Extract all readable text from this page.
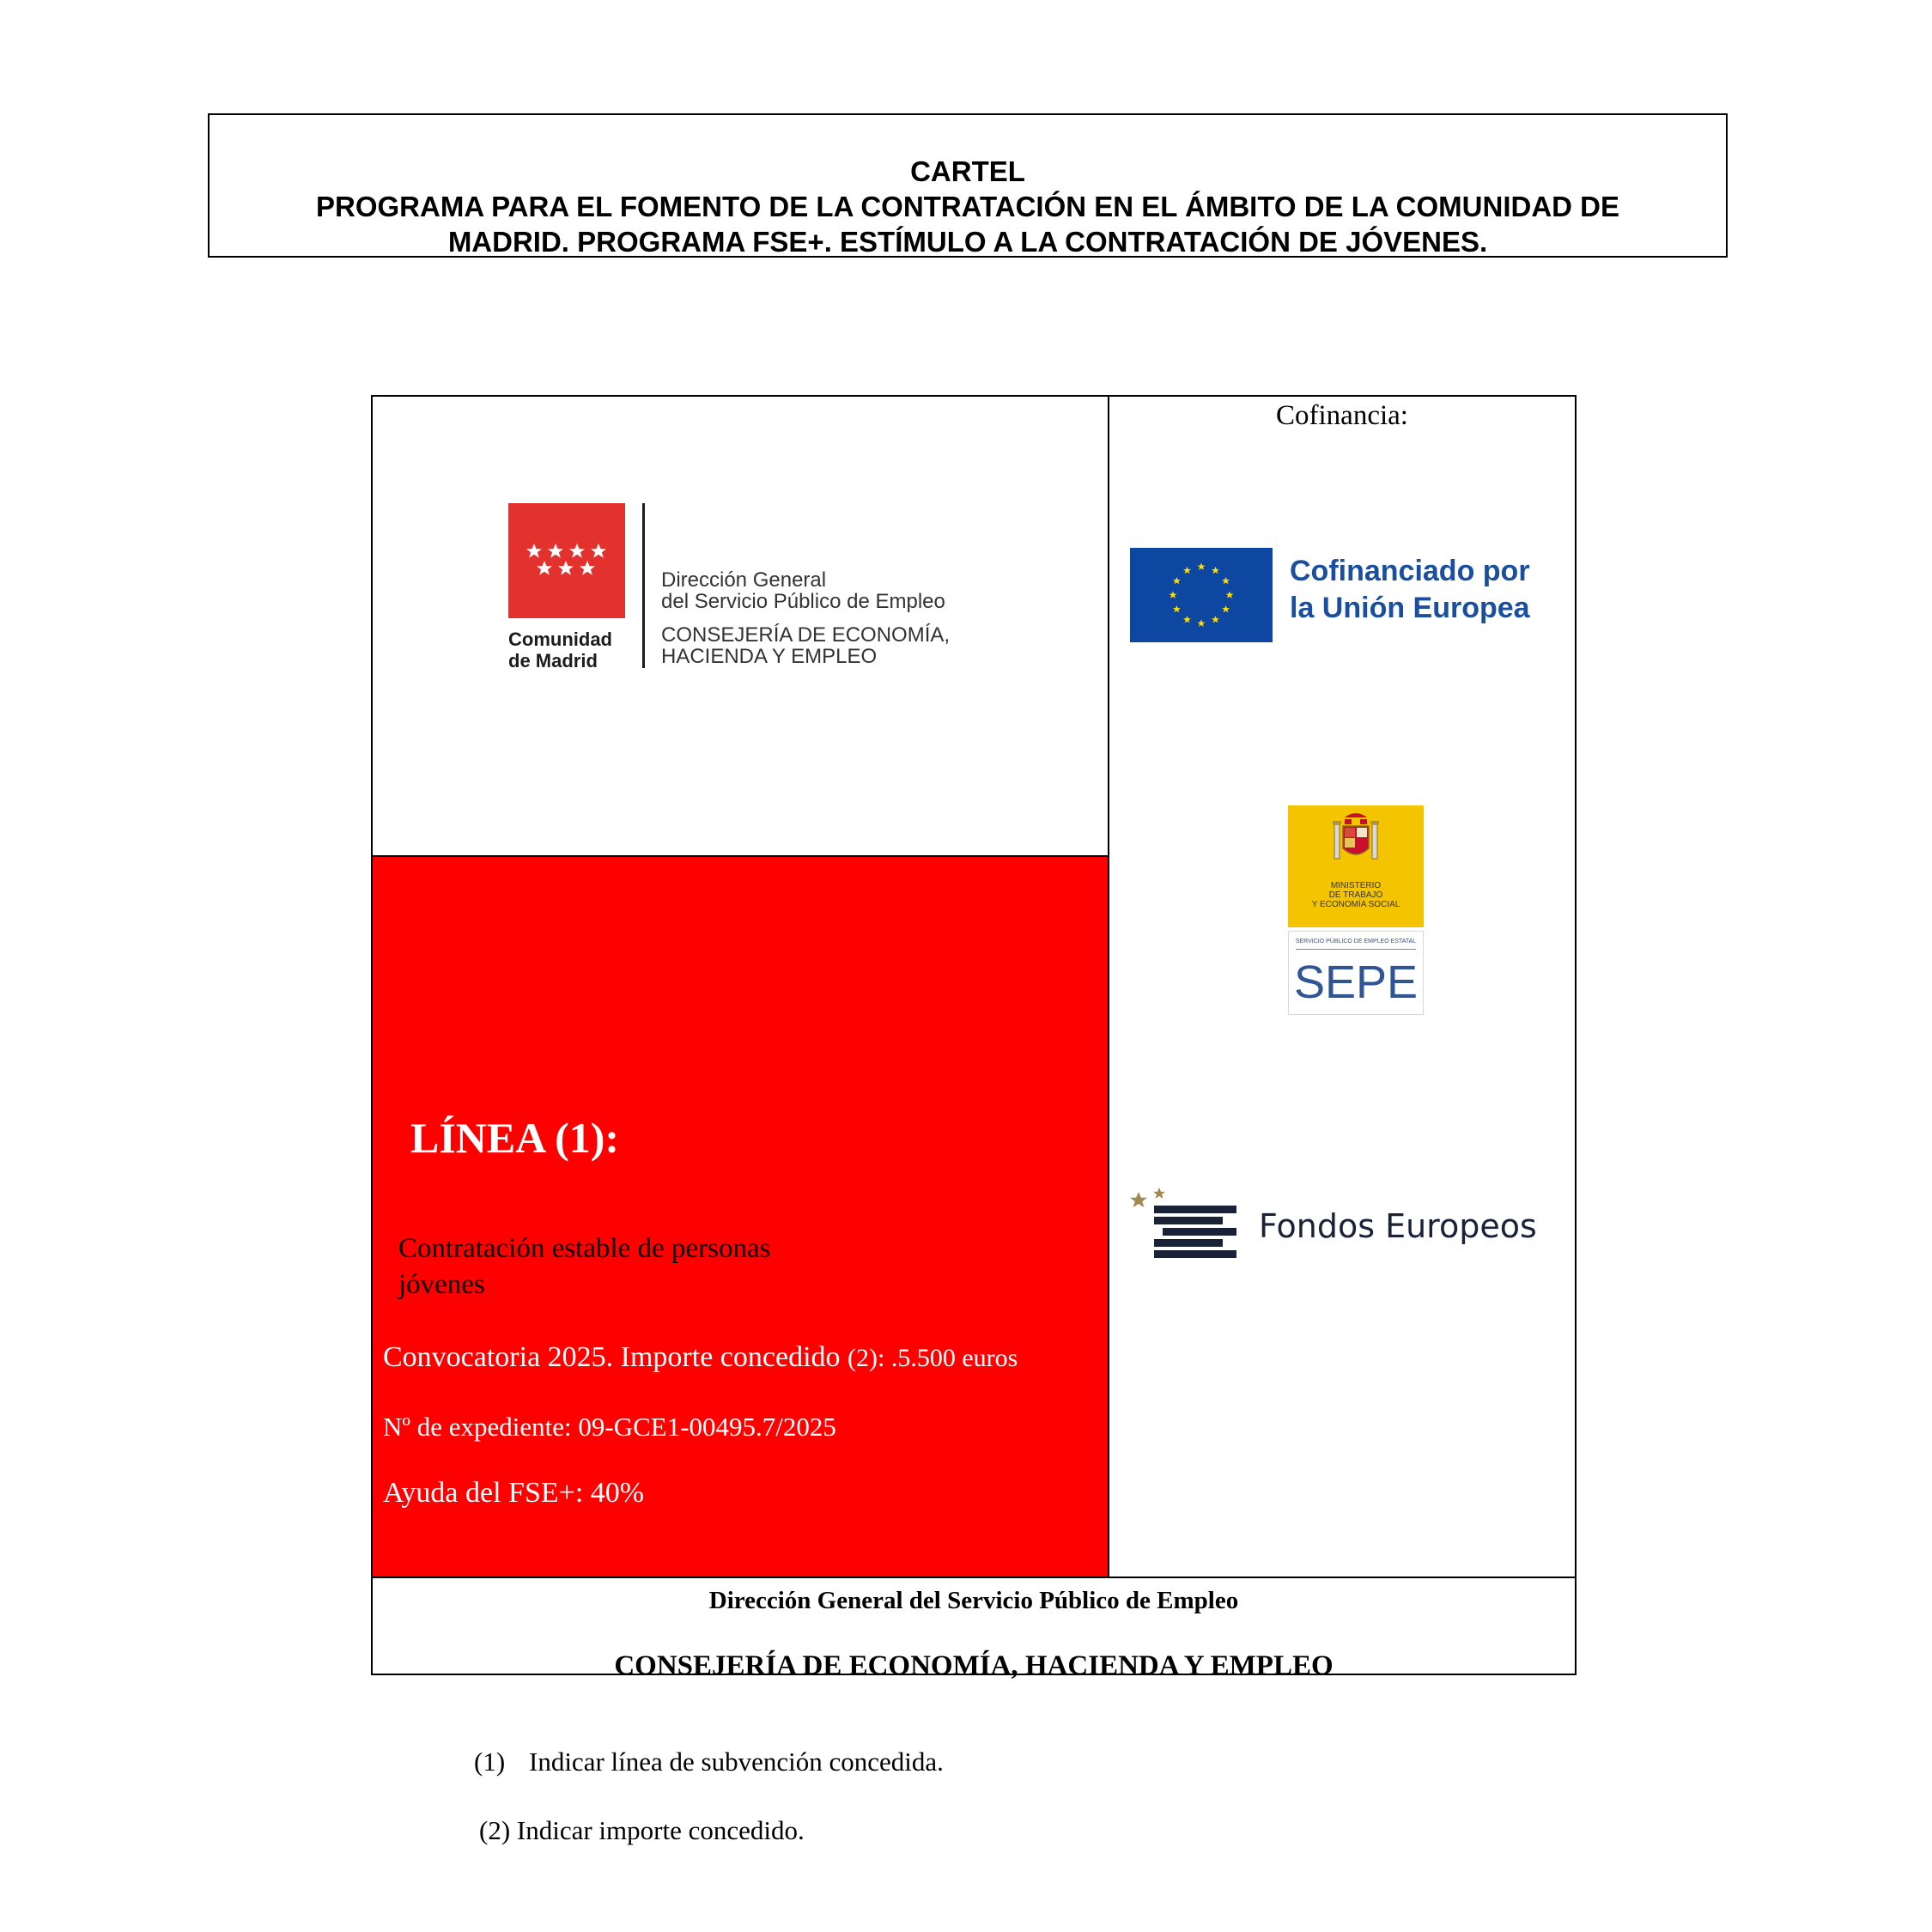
CARTEL
PROGRAMA PARA EL FOMENTO DE LA CONTRATACIÓN EN EL ÁMBITO DE LA COMUNIDAD DE
MADRID. PROGRAMA FSE+. ESTÍMULO A LA CONTRATACIÓN DE JÓVENES.
Comunidad
de Madrid
Dirección General
del Servicio Público de Empleo
CONSEJERÍA DE ECONOMÍA,
HACIENDA Y EMPLEO
LÍNEA (1):
Contratación estable de personas
jóvenes
Convocatoria 2025. Importe concedido (2): .5.500 euros
Nº de expediente: 09-GCE1-00495.7/2025
Ayuda del FSE+: 40%
Cofinancia:
Cofinanciado por
la Unión Europea
MINISTERIO
DE TRABAJO
Y ECONOMÍA SOCIAL
SERVICIO PÚBLICO DE EMPLEO ESTATAL
SEPE
Fondos Europeos
Dirección General del Servicio Público de Empleo
CONSEJERÍA DE ECONOMÍA, HACIENDA Y EMPLEO
(1) Indicar línea de subvención concedida.
(2) Indicar importe concedido.
